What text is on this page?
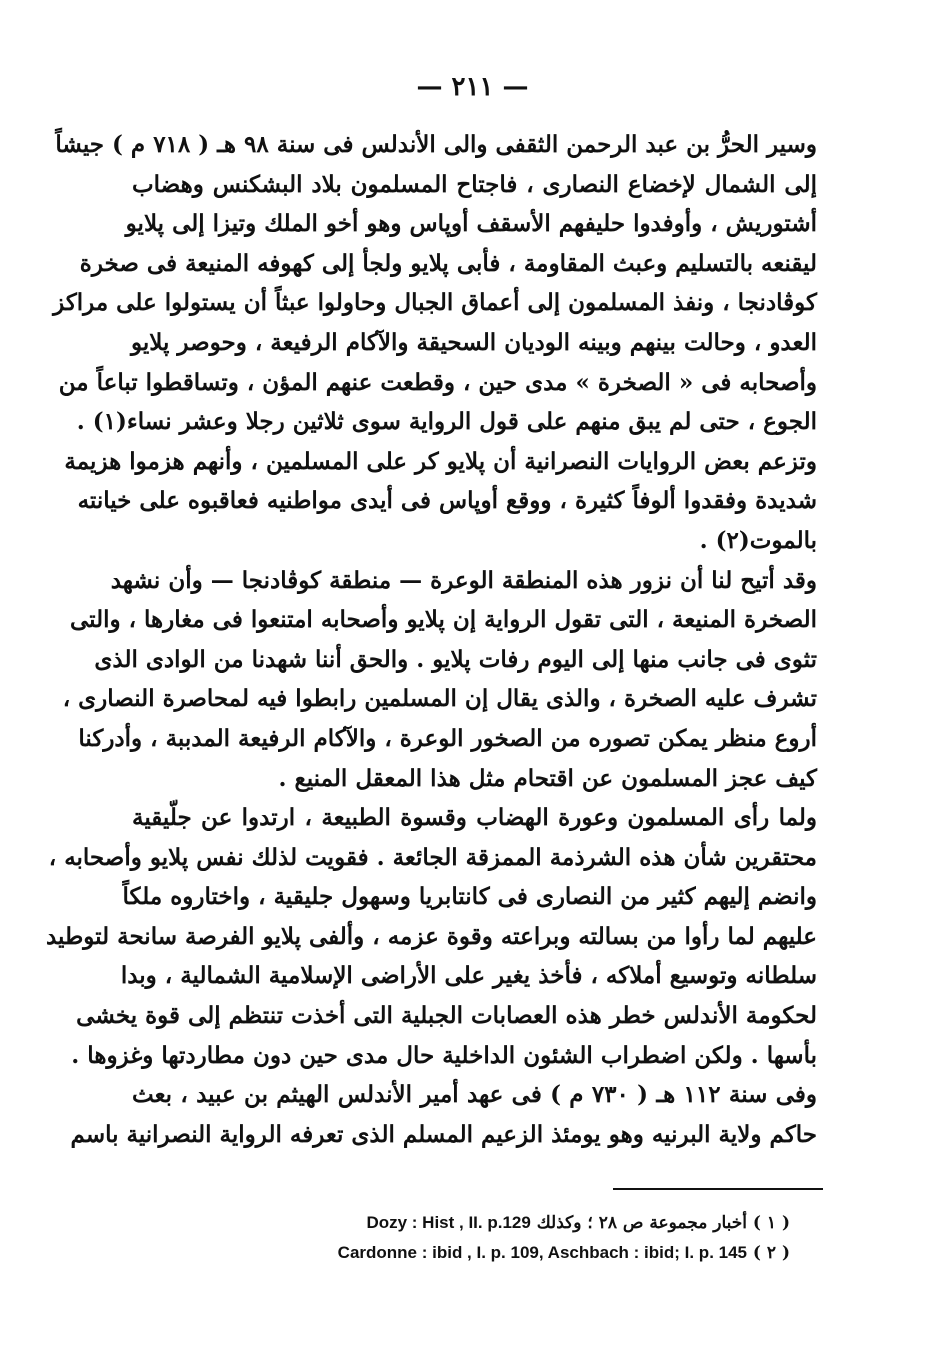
— ٢١١ —
وسير الحرُّ بن عبد الرحمن الثقفى والى الأندلس فى سنة ٩٨ هـ ( ٧١٨ م ) جيشاً
إلى الشمال لإخضاع النصارى ، فاجتاح المسلمون بلاد البشكنس وهضاب
أشتوريش ، وأوفدوا حليفهم الأسقف أوپاس وهو أخو الملك وتيزا إلى پلايو
ليقنعه بالتسليم وعبث المقاومة ، فأبى پلايو ولجأ إلى كهوفه المنيعة فى صخرة
كوڤادنجا ، ونفذ المسلمون إلى أعماق الجبال وحاولوا عبثاً أن يستولوا على مراكز
العدو ، وحالت بينهم وبينه الوديان السحيقة والآكام الرفيعة ، وحوصر پلايو
وأصحابه فى « الصخرة » مدى حين ، وقطعت عنهم المؤن ، وتساقطوا تباعاً من
الجوع ، حتى لم يبق منهم على قول الرواية سوى ثلاثين رجلا وعشر نساء(١) .
وتزعم بعض الروايات النصرانية أن پلايو كر على المسلمين ، وأنهم هزموا هزيمة
شديدة وفقدوا ألوفاً كثيرة ، ووقع أوپاس فى أيدى مواطنيه فعاقبوه على خيانته
بالموت(٢) .
وقد أتيح لنا أن نزور هذه المنطقة الوعرة — منطقة كوڤادنجا — وأن نشهد
الصخرة المنيعة ، التى تقول الرواية إن پلايو وأصحابه امتنعوا فى مغارها ، والتى
تثوى فى جانب منها إلى اليوم رفات پلايو . والحق أننا شهدنا من الوادى الذى
تشرف عليه الصخرة ، والذى يقال إن المسلمين رابطوا فيه لمحاصرة النصارى ،
أروع منظر يمكن تصوره من الصخور الوعرة ، والآكام الرفيعة المدببة ، وأدركنا
كيف عجز المسلمون عن اقتحام مثل هذا المعقل المنيع .
ولما رأى المسلمون وعورة الهضاب وقسوة الطبيعة ، ارتدوا عن جلّيقية
محتقرين شأن هذه الشرذمة الممزقة الجائعة . فقويت لذلك نفس پلايو وأصحابه ،
وانضم إليهم كثير من النصارى فى كانتابريا وسهول جليقية ، واختاروه ملكاً
عليهم لما رأوا من بسالته وبراعته وقوة عزمه ، وألفى پلايو الفرصة سانحة لتوطيد
سلطانه وتوسيع أملاكه ، فأخذ يغير على الأراضى الإسلامية الشمالية ، وبدا
لحكومة الأندلس خطر هذه العصابات الجبلية التى أخذت تنتظم إلى قوة يخشى
بأسها . ولكن اضطراب الشئون الداخلية حال مدى حين دون مطاردتها وغزوها .
وفى سنة ١١٢ هـ ( ٧٣٠ م ) فى عهد أمير الأندلس الهيثم بن عبيد ، بعث
حاكم ولاية البرنيه وهو يومئذ الزعيم المسلم الذى تعرفه الرواية النصرانية باسم
( ١ ) أخبار مجموعة ص ٢٨ ؛ وكذلك Dozy : Hist , II. p.129
( ٢ ) Cardonne : ibid , I. p. 109, Aschbach : ibid; I. p. 145
